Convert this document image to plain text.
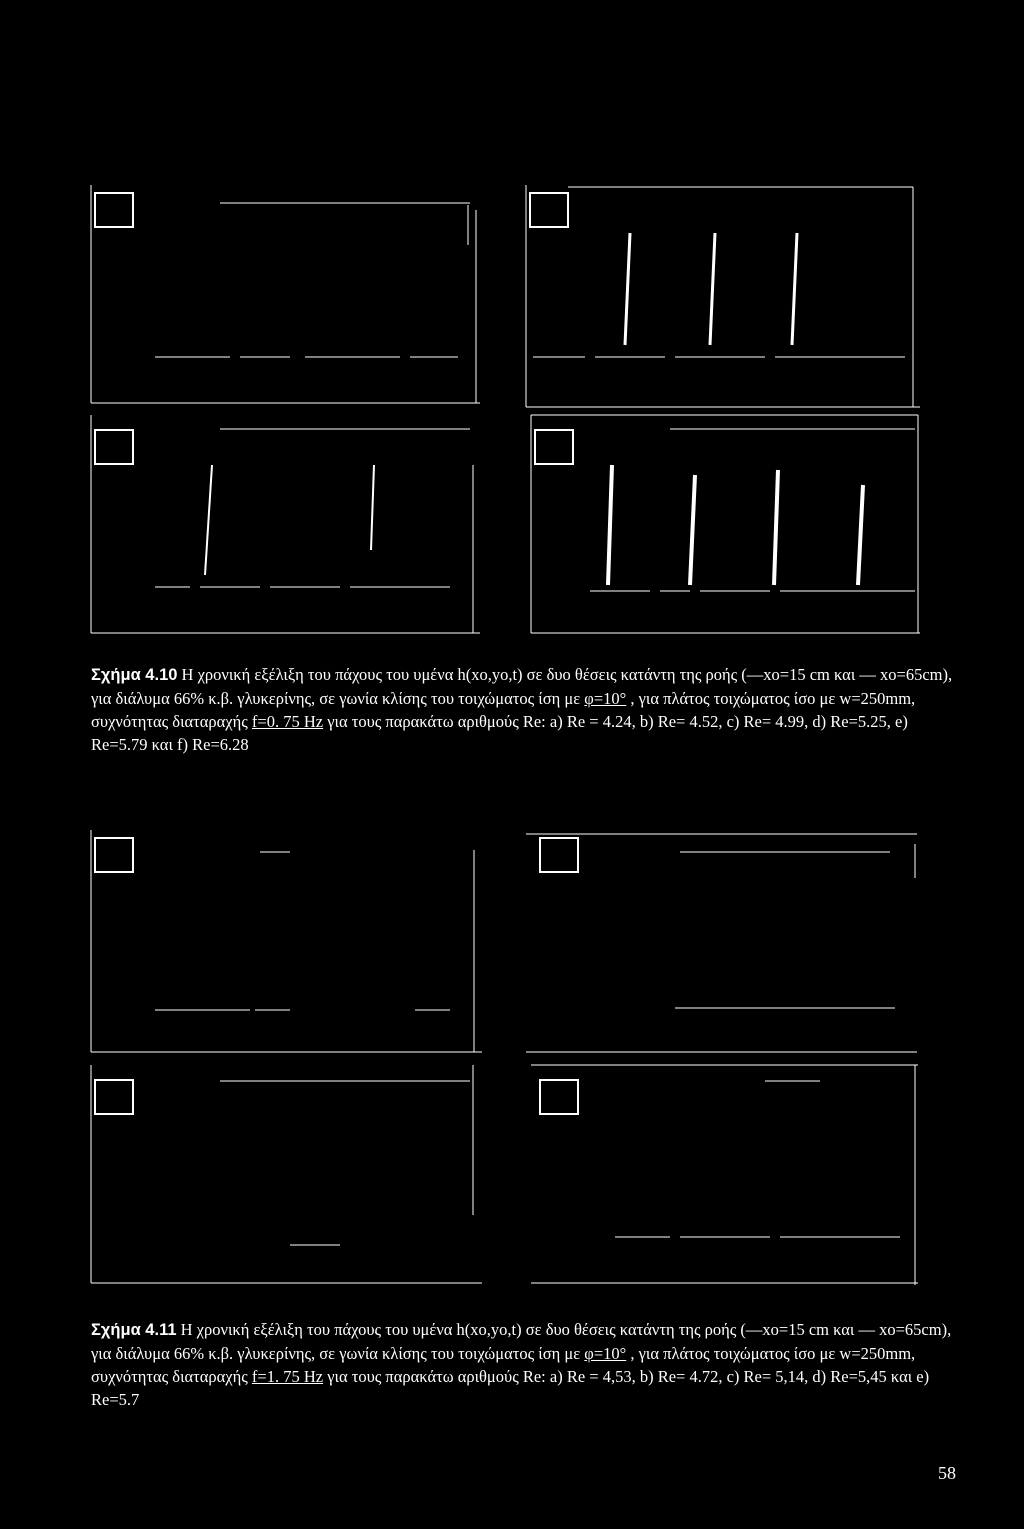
Σχήμα 4.10 Η χρονική εξέλιξη του πάχους του υμένα h(xo,yo,t) σε δυο θέσεις κατάντη της ροής (—xo=15 cm και — xo=65cm), για διάλυμα 66% κ.β. γλυκερίνης, σε γωνία κλίσης του τοιχώματος ίση με φ=10° , για πλάτος τοιχώματος ίσο με w=250mm, συχνότητας διαταραχής f=0. 75 Hz για τους παρακάτω αριθμούς Re: a) Re = 4.24, b) Re= 4.52, c) Re= 4.99, d) Re=5.25, e) Re=5.79 και f) Re=6.28
Σχήμα 4.11 Η χρονική εξέλιξη του πάχους του υμένα h(xo,yo,t) σε δυο θέσεις κατάντη της ροής (—xo=15 cm και — xo=65cm), για διάλυμα 66% κ.β. γλυκερίνης, σε γωνία κλίσης του τοιχώματος ίση με φ=10° , για πλάτος τοιχώματος ίσο με w=250mm, συχνότητας διαταραχής f=1. 75 Hz για τους παρακάτω αριθμούς Re: a) Re = 4,53, b) Re= 4.72, c) Re= 5,14, d) Re=5,45 και e) Re=5.7
58
